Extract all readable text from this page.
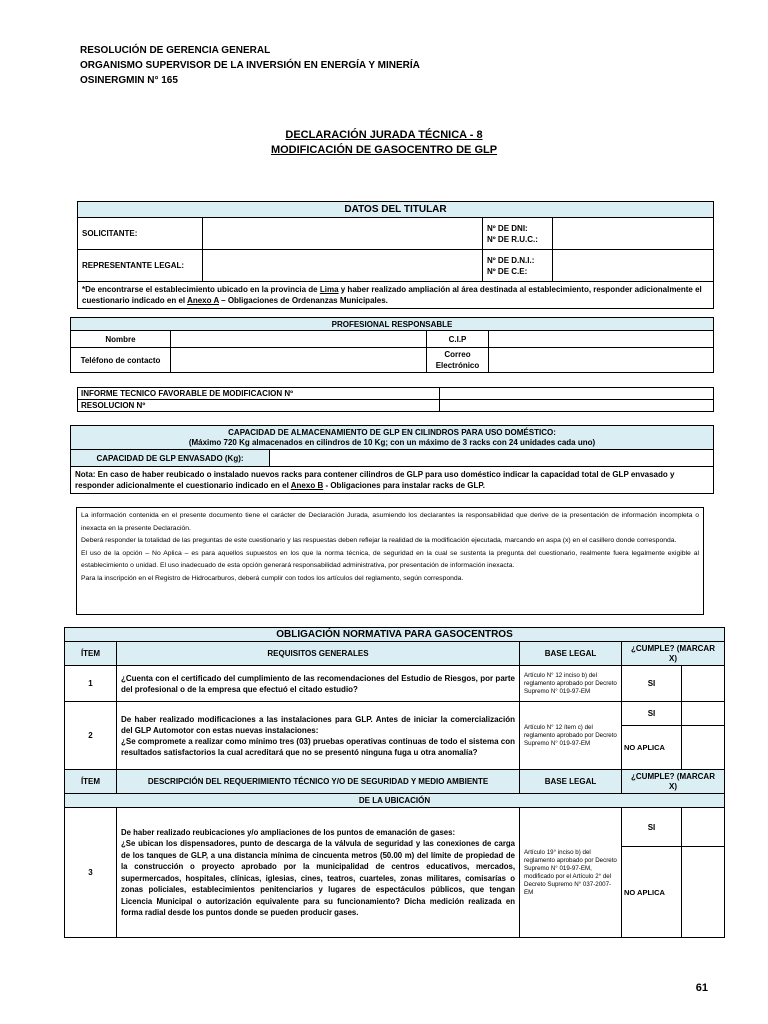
RESOLUCIÓN DE GERENCIA GENERAL
ORGANISMO SUPERVISOR DE LA INVERSIÓN EN ENERGÍA Y MINERÍA
OSINERGMIN N° 165
DECLARACIÓN JURADA TÉCNICA - 8
MODIFICACIÓN DE GASOCENTRO DE GLP
DATOS DEL TITULAR			
SOLICITANTE:		Nº DE DNI:
Nº DE R.U.C.:	

REPRESENTANTE LEGAL:		Nº DE D.N.I.:
Nº DE C.E:	

*De encontrarse el establecimiento ubicado en la provincia de Lima y haber realizado ampliación al área destinada al establecimiento, responder adicionalmente el cuestionario indicado en el Anexo A – Obligaciones de Ordenanzas Municipales.			
PROFESIONAL RESPONSABLE			
Nombre		C.I.P	
Teléfono de contacto		Correo Electrónico	
INFORME TECNICO FAVORABLE DE MODIFICACION Nº	
RESOLUCION Nº	
CAPACIDAD DE ALMACENAMIENTO DE GLP EN CILINDROS PARA USO DOMÉSTICO:
(Máximo 720 Kg almacenados en cilindros de 10 Kg; con un máximo de 3 racks con 24 unidades cada uno)

CAPACIDAD DE GLP ENVASADO (Kg):	
Nota: En caso de haber reubicado o instalado nuevos racks para contener cilindros de GLP para uso doméstico indicar la capacidad total de GLP envasado y responder adicionalmente el cuestionario indicado en el Anexo B - Obligaciones para instalar racks de GLP.

La información contenida en el presente documento tiene el carácter de Declaración Jurada, asumiendo los declarantes la responsabilidad que derive de la presentación de información incompleta o inexacta en la presente Declaración.

Deberá responder la totalidad de las preguntas de este cuestionario y las respuestas deben reflejar la realidad de la modificación ejecutada, marcando en aspa (x) en el casillero donde corresponda.

El uso de la opción – No Aplica – es para aquellos supuestos en los que la norma técnica, de seguridad en la cual se sustenta la pregunta del cuestionario, realmente fuera legalmente exigible al establecimiento o unidad. El uso inadecuado de esta opción generará responsabilidad administrativa, por presentación de información inexacta.

Para la inscripción en el Registro de Hidrocarburos, deberá cumplir con todos los artículos del reglamento, según corresponda.

OBLIGACIÓN NORMATIVA PARA GASOCENTROS				
ÍTEM	REQUISITOS GENERALES	BASE LEGAL	¿CUMPLE? (MARCAR X)	
1	¿Cuenta con el certificado del cumplimiento de las recomendaciones del Estudio de Riesgos, por parte del profesional o de la empresa que efectuó el citado estudio?	Artículo N° 12 inciso b) del reglamento aprobado por Decreto Supremo N° 019-97-EM	SI	
2	De haber realizado modificaciones a las instalaciones para GLP. Antes de iniciar la comercialización del GLP Automotor con estas nuevas instalaciones:
¿Se compromete a realizar como mínimo tres (03) pruebas operativas continuas de todo el sistema con resultados satisfactorios la cual acreditará que no se presentó ninguna fuga u otra anomalía?	Artículo N° 12 ítem c) del reglamento aprobado por Decreto Supremo N° 019-97-EM	SI	
			NO APLICA	
ÍTEM	DESCRIPCIÓN DEL REQUERIMIENTO TÉCNICO Y/O DE SEGURIDAD Y MEDIO AMBIENTE	BASE LEGAL	¿CUMPLE? (MARCAR X)	
DE LA UBICACIÓN				
3	De haber realizado reubicaciones y/o ampliaciones de los puntos de emanación de gases:
¿Se ubican los dispensadores, punto de descarga de la válvula de seguridad y las conexiones de carga de los tanques de GLP, a una distancia mínima de cincuenta metros (50.00 m) del límite de propiedad de la construcción o proyecto aprobado por la municipalidad de centros educativos, mercados, supermercados, hospitales, clínicas, iglesias, cines, teatros, cuarteles, zonas militares, comisarías o zonas policiales, establecimientos penitenciarios y lugares de espectáculos públicos, que tengan Licencia Municipal o autorización equivalente para su funcionamiento? Dicha medición realizada en forma radial desde los puntos donde se pueden producir gases.	Artículo 19° inciso b) del reglamento aprobado por Decreto Supremo N° 019-97-EM, modificado por el Artículo 2° del Decreto Supremo N° 037-2007-EM	SI	
			NO APLICA	
61
